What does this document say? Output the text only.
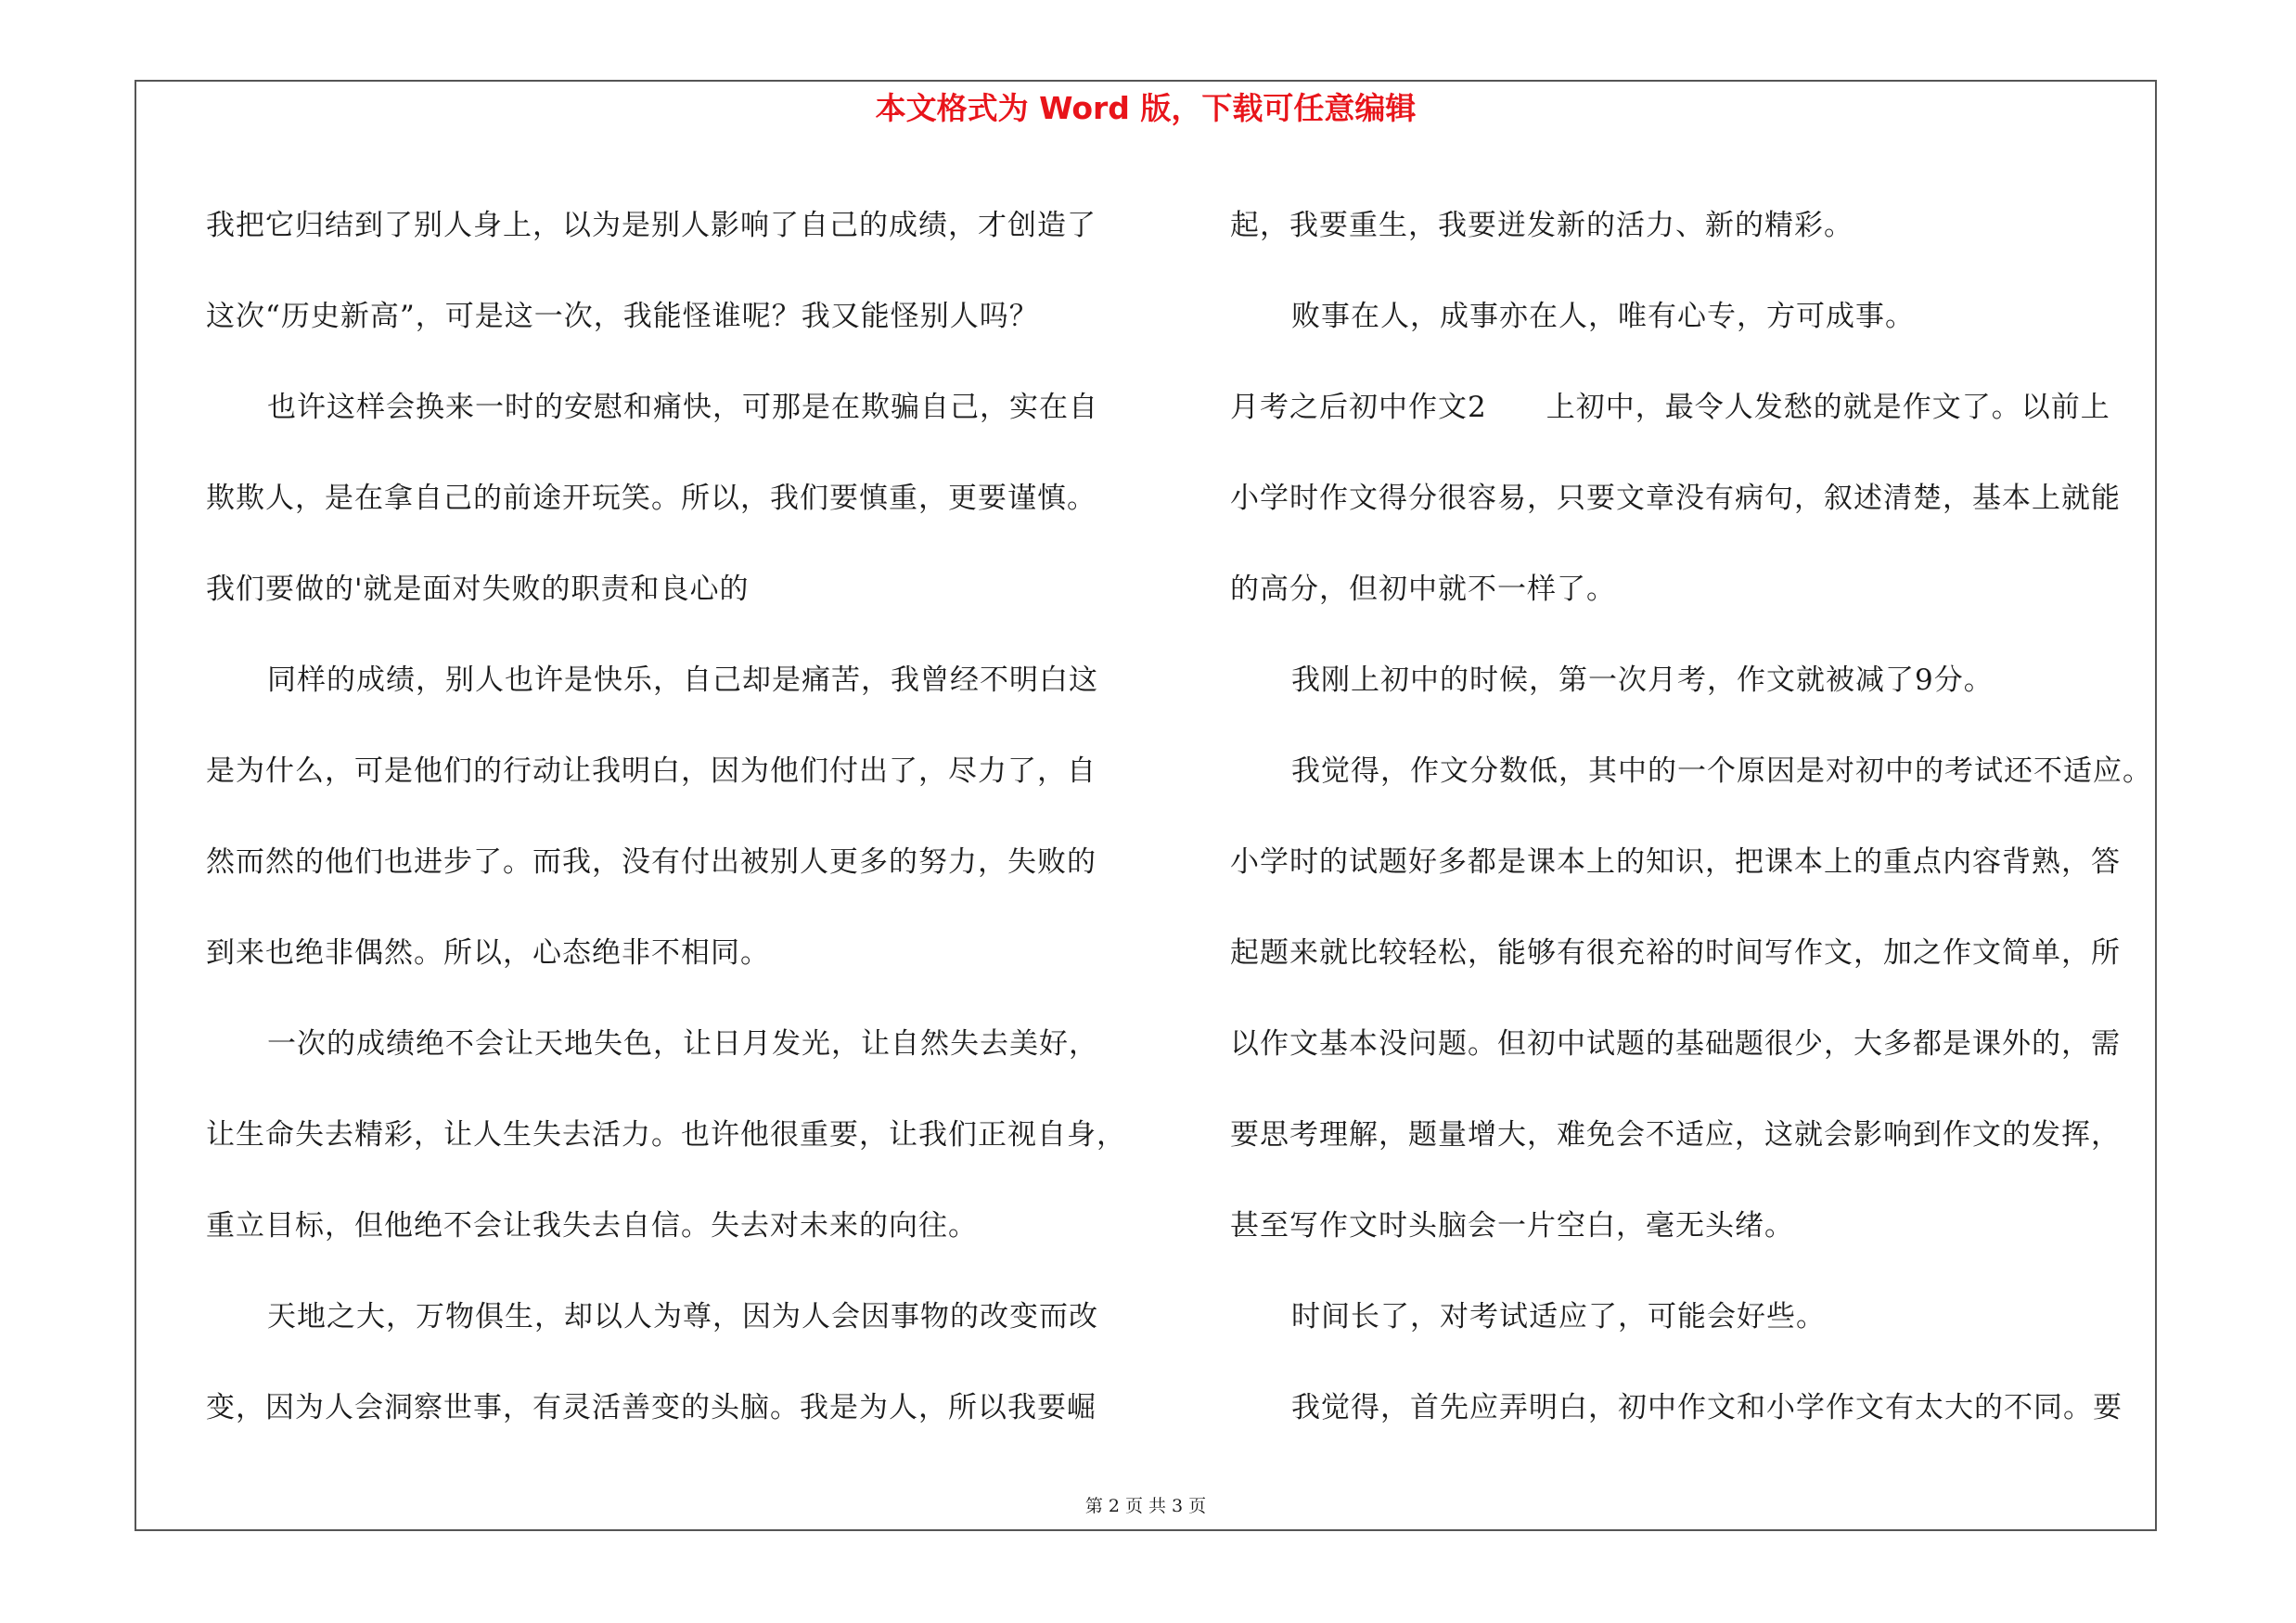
本文格式为 Word 版，下载可任意编辑
我把它归结到了别人身上，以为是别人影响了自己的成绩，才创造了
这次“历史新高”，可是这一次，我能怪谁呢？我又能怪别人吗？
也许这样会换来一时的安慰和痛快，可那是在欺骗自己，实在自
欺欺人，是在拿自己的前途开玩笑。所以，我们要慎重，更要谨慎。
我们要做的'就是面对失败的职责和良心的
同样的成绩，别人也许是快乐，自己却是痛苦，我曾经不明白这
是为什么，可是他们的行动让我明白，因为他们付出了，尽力了，自
然而然的他们也进步了。而我，没有付出被别人更多的努力，失败的
到来也绝非偶然。所以，心态绝非不相同。
一次的成绩绝不会让天地失色，让日月发光，让自然失去美好，
让生命失去精彩，让人生失去活力。也许他很重要，让我们正视自身，
重立目标，但他绝不会让我失去自信。失去对未来的向往。
天地之大，万物俱生，却以人为尊，因为人会因事物的改变而改
变，因为人会洞察世事，有灵活善变的头脑。我是为人，所以我要崛
起，我要重生，我要迸发新的活力、新的精彩。
败事在人，成事亦在人，唯有心专，方可成事。
月考之后初中作文2　　上初中，最令人发愁的就是作文了。以前上
小学时作文得分很容易，只要文章没有病句，叙述清楚，基本上就能
的高分，但初中就不一样了。
我刚上初中的时候，第一次月考，作文就被减了9分。
我觉得，作文分数低，其中的一个原因是对初中的考试还不适应。
小学时的试题好多都是课本上的知识，把课本上的重点内容背熟，答
起题来就比较轻松，能够有很充裕的时间写作文，加之作文简单，所
以作文基本没问题。但初中试题的基础题很少，大多都是课外的，需
要思考理解，题量增大，难免会不适应，这就会影响到作文的发挥，
甚至写作文时头脑会一片空白，毫无头绪。
时间长了，对考试适应了，可能会好些。
我觉得，首先应弄明白，初中作文和小学作文有太大的不同。要
第 2 页 共 3 页
